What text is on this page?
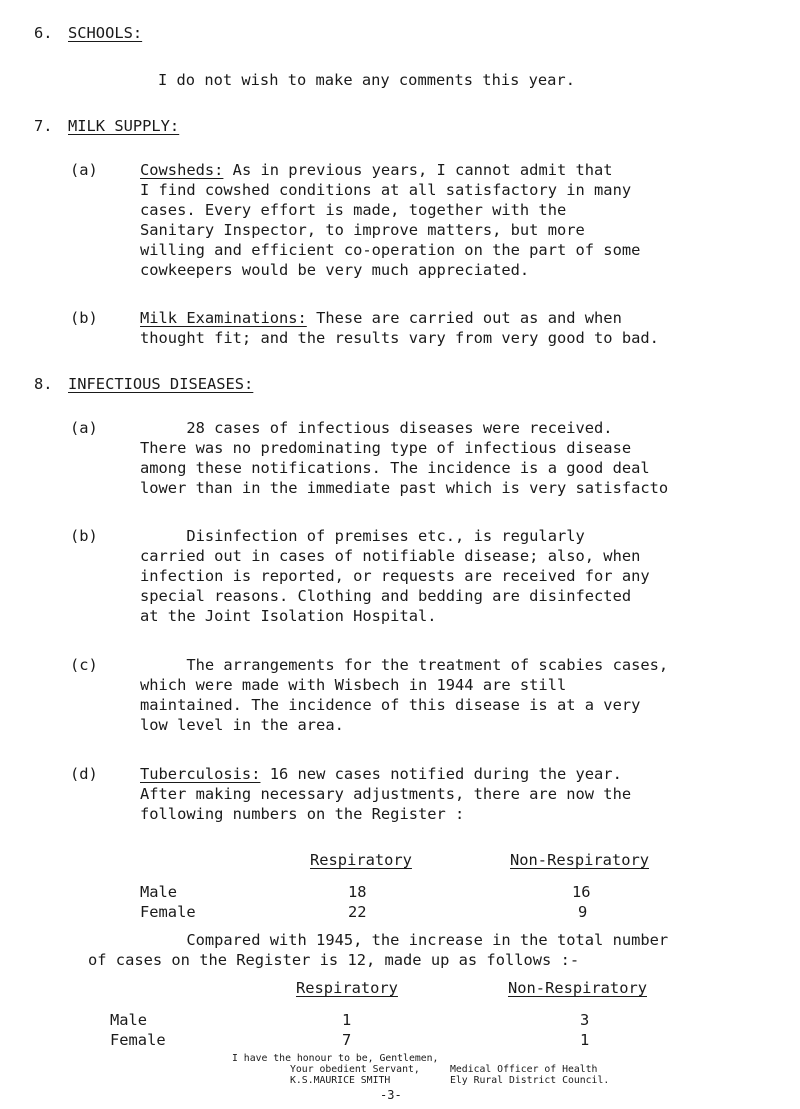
6. SCHOOLS:
I do not wish to make any comments this year.
7. MILK SUPPLY:
(a)	Cowsheds: As in previous years, I cannot admit that
I find cowshed conditions at all satisfactory in many
cases. Every effort is made, together with the
Sanitary Inspector, to improve matters, but more
willing and efficient co-operation on the part of some
cowkeepers would be very much appreciated.
(b)	Milk Examinations: These are carried out as and when
thought fit; and the results vary from very good to bad.
8. INFECTIOUS DISEASES:
(a)	28 cases of infectious diseases were received.
There was no predominating type of infectious disease
among these notifications. The incidence is a good deal
lower than in the immediate past which is very satisfacto
(b)	Disinfection of premises etc., is regularly
carried out in cases of notifiable disease; also, when
infection is reported, or requests are received for any
special reasons. Clothing and bedding are disinfected
at the Joint Isolation Hospital.
(c)	The arrangements for the treatment of scabies cases,
which were made with Wisbech in 1944 are still
maintained. The incidence of this disease is at a very
low level in the area.
(d)	Tuberculosis: 16 new cases notified during the year.
After making necessary adjustments, there are now the
following numbers on the Register :
Respiratory	Non-Respiratory
Male	18	16
Female	22	9
Compared with 1945, the increase in the total number
of cases on the Register is 12, made up as follows :-
Respiratory	Non-Respiratory
Male	1	3
Female	7	1
I have the honour to be, Gentlemen,
Your obedient Servant,
K.S.MAURICE SMITH
Medical Officer of Health
Ely Rural District Council.
-3-
